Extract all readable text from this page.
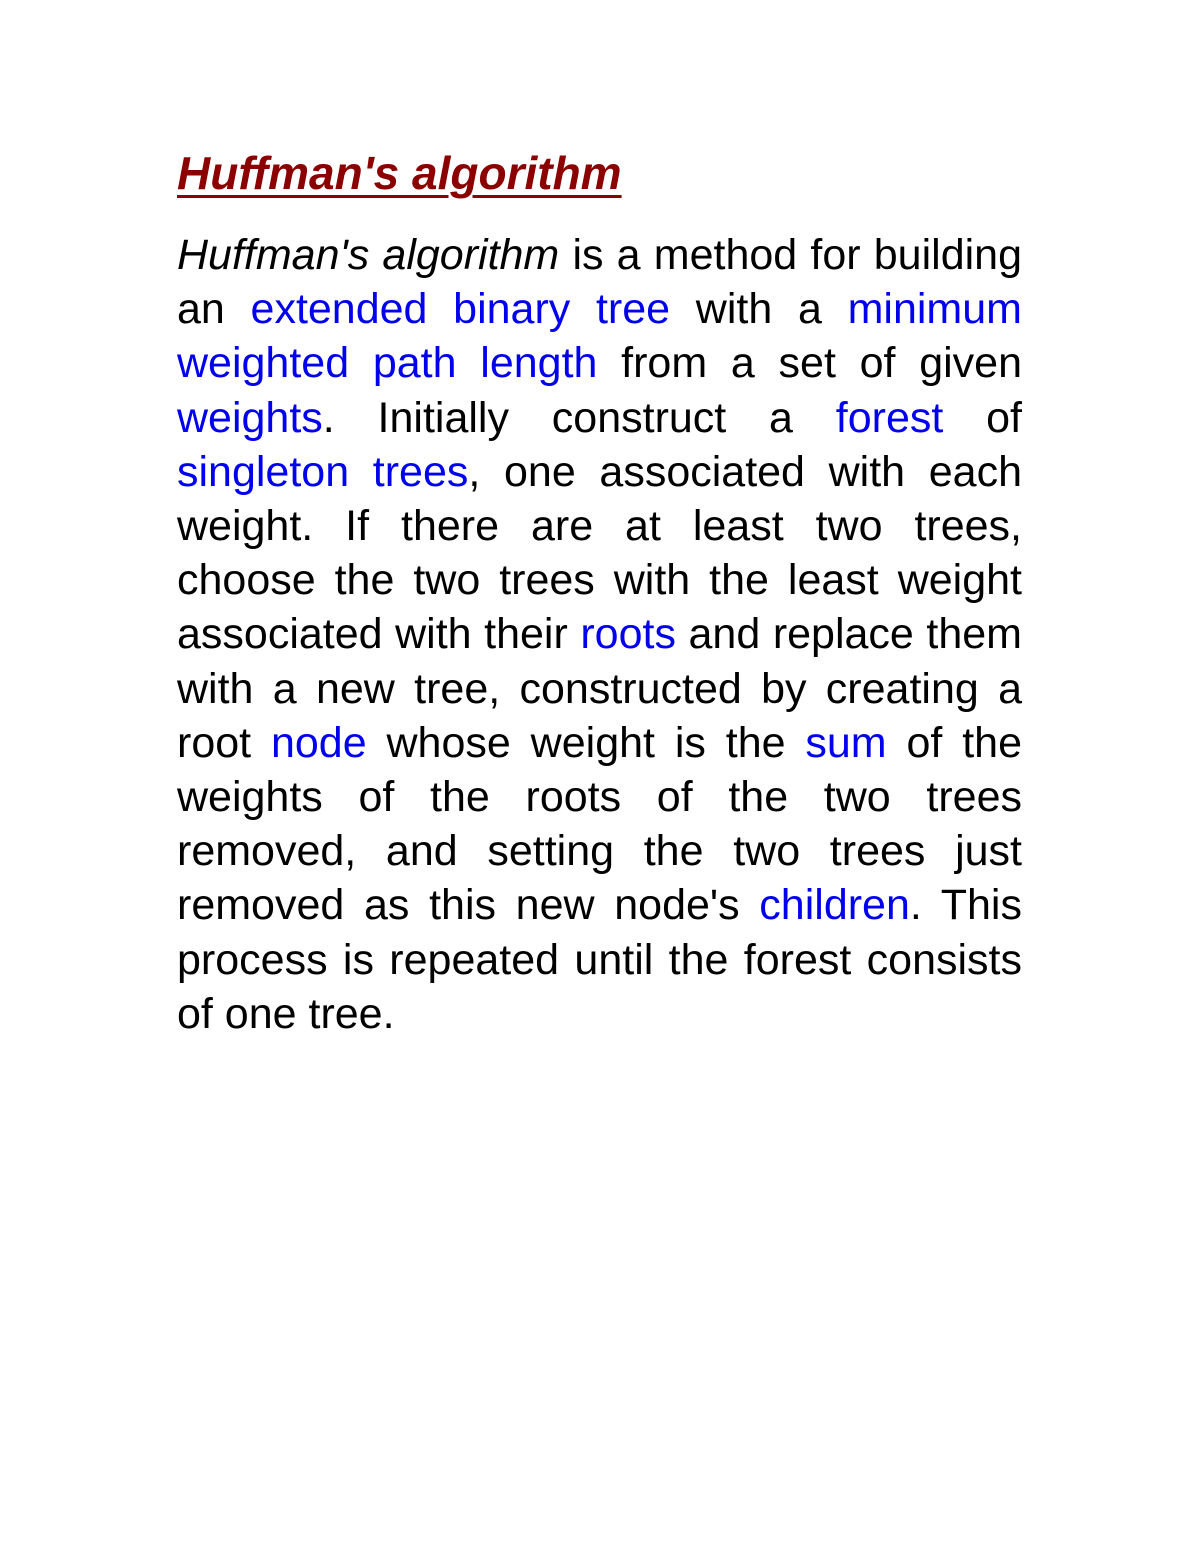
Huffman's algorithm

Huffman's algorithm is a method for building an extended binary tree with a minimum weighted path length from a set of given weights. Initially construct a forest of singleton trees, one associated with each weight. If there are at least two trees, choose the two trees with the least weight associated with their roots and replace them with a new tree, constructed by creating a root node whose weight is the sum of the weights of the roots of the two trees removed, and setting the two trees just removed as this new node's children. This process is repeated until the forest consists of one tree.
